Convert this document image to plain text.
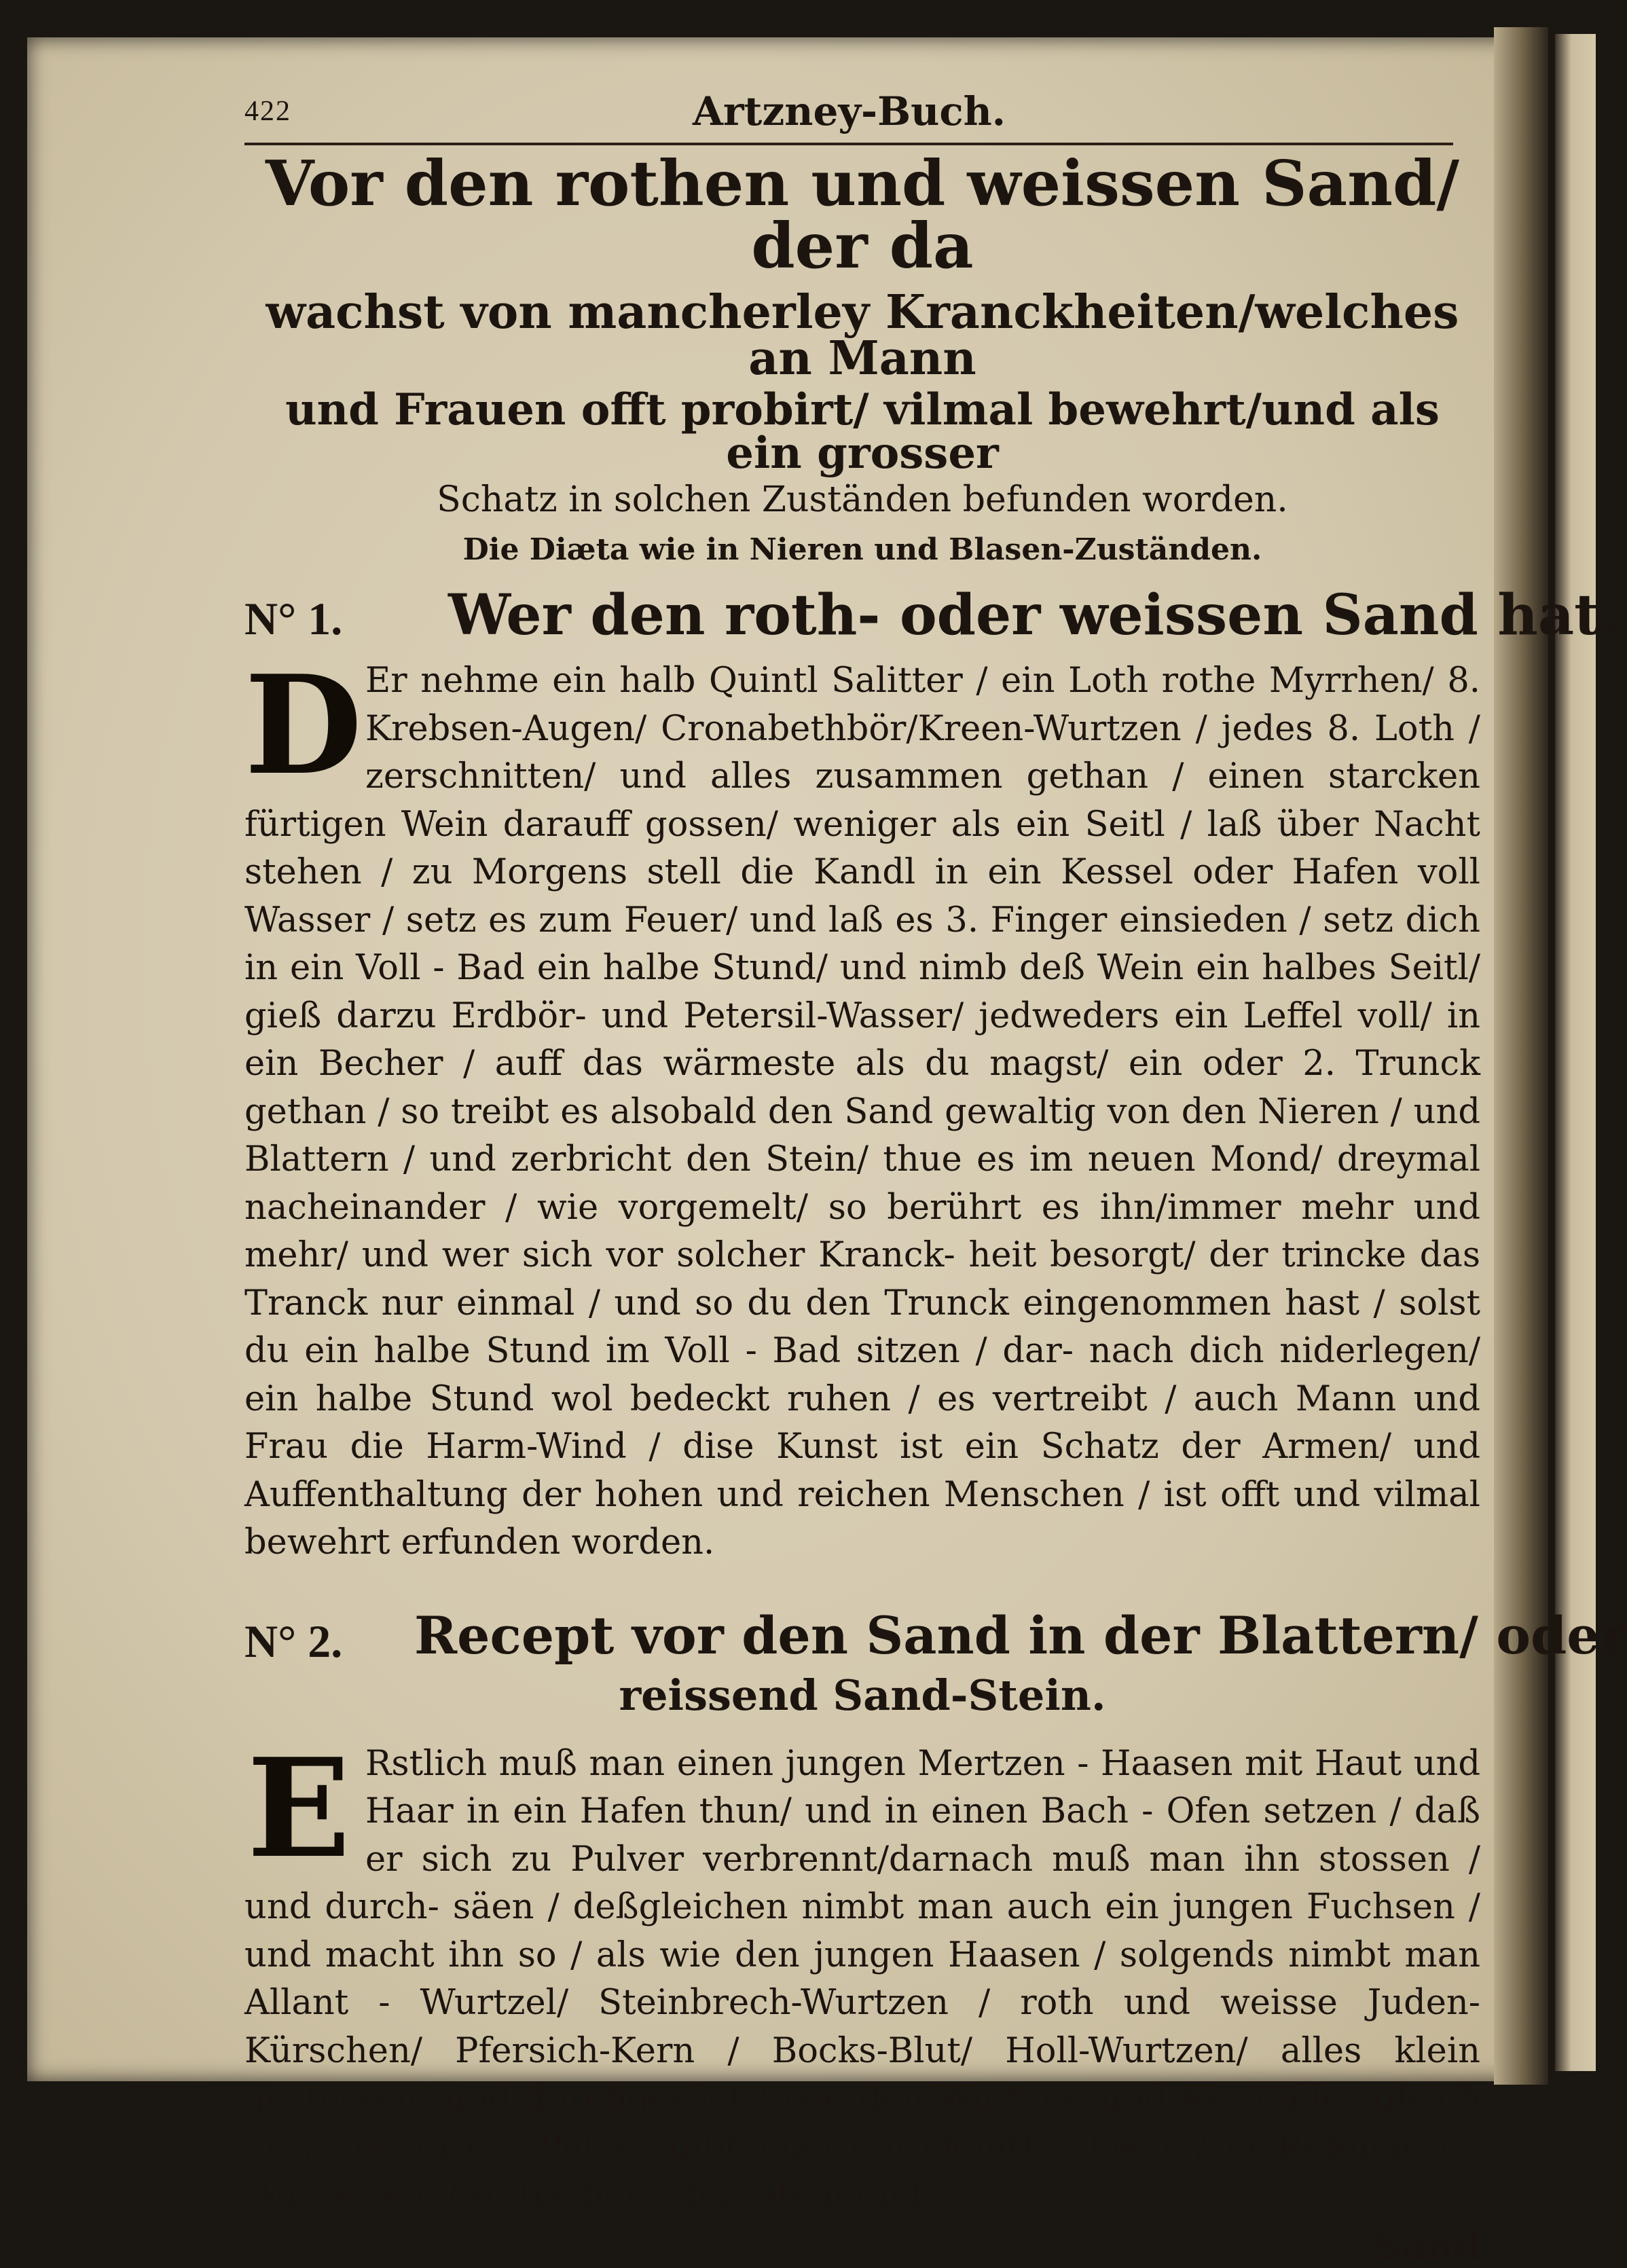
422	Artzney-Buch.
Vor den rothen und weissen Sand/ der da
wachst von mancherley Kranckheiten/welches an Mann
und Frauen offt probirt/ vilmal bewehrt/und als ein grosser
Schatz in solchen Zuständen befunden worden.
Die Diæta wie in Nieren und Blasen-Zuständen.
N° 1. Wer den roth- oder weissen Sand hat.

D Er nehme ein halb Quintl Salitter / ein Loth rothe Myrrhen/ 8. Krebsen-Augen/ Cronabethbör/Kreen-Wurtzen / jedes 8. Loth / zerschnitten/ und alles zusammen gethan / einen starcken fürtigen Wein darauff gossen/ weniger als ein Seitl / laß über Nacht stehen / zu Morgens stell die Kandl in ein Kessel oder Hafen voll Wasser / setz es zum Feuer/ und laß es 3. Finger einsieden / setz dich in ein Voll - Bad ein halbe Stund/ und nimb deß Wein ein halbes Seitl/ gieß darzu Erdbör- und Petersil-Wasser/ jedweders ein Leffel voll/ in ein Becher / auff das wärmeste als du magst/ ein oder 2. Trunck gethan / so treibt es alsobald den Sand gewaltig von den Nieren / und Blattern / und zerbricht den Stein/ thue es im neuen Mond/ dreymal nacheinander / wie vorgemelt/ so berührt es ihn/immer mehr und mehr/ und wer sich vor solcher Kranck- heit besorgt/ der trincke das Tranck nur einmal / und so du den Trunck eingenommen hast / solst du ein halbe Stund im Voll - Bad sitzen / dar- nach dich niderlegen/ ein halbe Stund wol bedeckt ruhen / es vertreibt / auch Mann und Frau die Harm-Wind / dise Kunst ist ein Schatz der Armen/ und Auffenthaltung der hohen und reichen Menschen / ist offt und vilmal bewehrt erfunden worden.

N° 2. Recept vor den Sand in der Blattern/ oder
reissend Sand-Stein.

E Rstlich muß man einen jungen Mertzen - Haasen mit Haut und Haar in ein Hafen thun/ und in einen Bach - Ofen setzen / daß er sich zu Pulver verbrennt/darnach muß man ihn stossen / und durch- säen / deßgleichen nimbt man auch ein jungen Fuchsen / und macht ihn so / als wie den jungen Haasen / solgends nimbt man Allant - Wurtzel/ Steinbrech-Wurtzen / roth und weisse Juden-Kürschen/ Pfersich-Kern / Bocks-Blut/ Holl-Wurtzen/ alles klein gestossen/ und durchgesäet / von den Wurtzen und Kern alles gleich vil / von disem Pulver gibt man ein Quintl schwär / in Roßmarin - Wasser ein / so treibt es den Stein und

Sand
